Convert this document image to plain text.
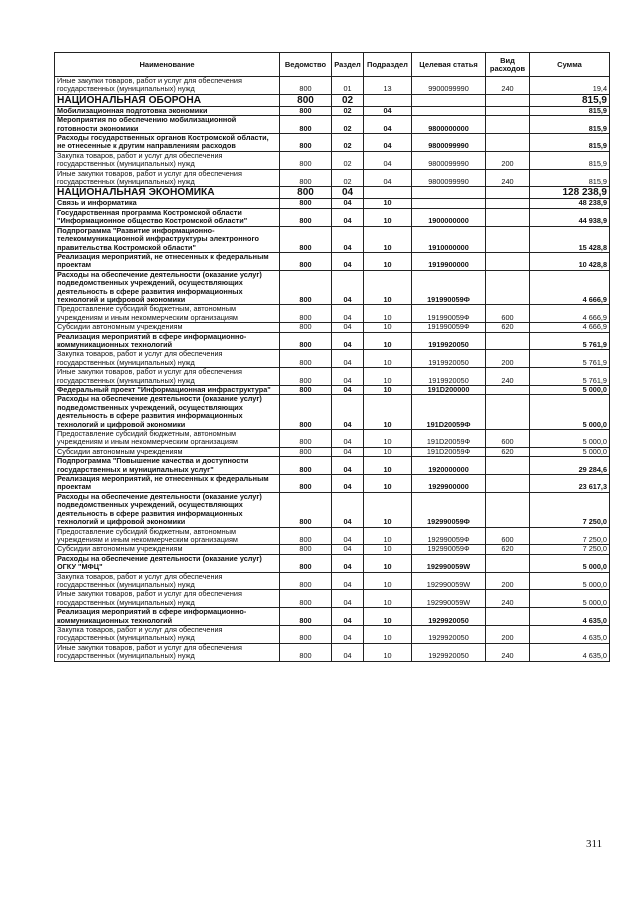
Наименование	Ведомство	Раздел	Подраздел	Целевая статья	Вид расходов	Сумма
Иные закупки товаров, работ и услуг для обеспечения государственных (муниципальных) нужд	800	01	13	9900099990	240	19,4
НАЦИОНАЛЬНАЯ ОБОРОНА	800	02				815,9
Мобилизационная подготовка экономики	800	02	04			815,9
Мероприятия по обеспечению мобилизационной готовности экономики	800	02	04	9800000000		815,9
Расходы государственных органов Костромской области, не отнесенные к другим направлениям расходов	800	02	04	9800099990		815,9
Закупка товаров, работ и услуг для обеспечения государственных (муниципальных) нужд	800	02	04	9800099990	200	815,9
Иные закупки товаров, работ и услуг для обеспечения государственных (муниципальных) нужд	800	02	04	9800099990	240	815,9
НАЦИОНАЛЬНАЯ ЭКОНОМИКА	800	04				128 238,9
Связь и информатика	800	04	10			48 238,9
Государственная программа Костромской области "Информационное общество Костромской области"	800	04	10	1900000000		44 938,9
Подпрограмма "Развитие информационно-телекоммуникационной инфраструктуры электронного правительства Костромской области"	800	04	10	1910000000		15 428,8
Реализация мероприятий, не отнесенных к федеральным проектам	800	04	10	1919900000		10 428,8
Расходы на обеспечение деятельности (оказание услуг) подведомственных учреждений, осуществляющих деятельность в сфере развития информационных технологий и цифровой экономики	800	04	10	191990059Ф		4 666,9
Предоставление субсидий бюджетным, автономным учреждениям и иным некоммерческим организациям	800	04	10	191990059Ф	600	4 666,9
Субсидии автономным учреждениям	800	04	10	191990059Ф	620	4 666,9
Реализация мероприятий в сфере информационно-коммуникационных технологий	800	04	10	1919920050		5 761,9
Закупка товаров, работ и услуг для обеспечения государственных (муниципальных) нужд	800	04	10	1919920050	200	5 761,9
Иные закупки товаров, работ и услуг для обеспечения государственных (муниципальных) нужд	800	04	10	1919920050	240	5 761,9
Федеральный проект "Информационная инфраструктура"	800	04	10	191D200000		5 000,0
Расходы на обеспечение деятельности (оказание услуг) подведомственных учреждений, осуществляющих деятельность в сфере развития информационных технологий и цифровой экономики	800	04	10	191D20059Ф		5 000,0
Предоставление субсидий бюджетным, автономным учреждениям и иным некоммерческим организациям	800	04	10	191D20059Ф	600	5 000,0
Субсидии автономным учреждениям	800	04	10	191D20059Ф	620	5 000,0
Подпрограмма "Повышение качества и доступности государственных и муниципальных услуг"	800	04	10	1920000000		29 284,6
Реализация мероприятий, не отнесенных к федеральным проектам	800	04	10	1929900000		23 617,3
Расходы на обеспечение деятельности (оказание услуг) подведомственных учреждений, осуществляющих деятельность в сфере развития информационных технологий и цифровой экономики	800	04	10	192990059Ф		7 250,0
Предоставление субсидий бюджетным, автономным учреждениям и иным некоммерческим организациям	800	04	10	192990059Ф	600	7 250,0
Субсидии автономным учреждениям	800	04	10	192990059Ф	620	7 250,0
Расходы на обеспечение деятельности (оказание услуг) ОГКУ "МФЦ"	800	04	10	192990059W		5 000,0
Закупка товаров, работ и услуг для обеспечения государственных (муниципальных) нужд	800	04	10	192990059W	200	5 000,0
Иные закупки товаров, работ и услуг для обеспечения государственных (муниципальных) нужд	800	04	10	192990059W	240	5 000,0
Реализация мероприятий в сфере информационно-коммуникационных технологий	800	04	10	1929920050		4 635,0
Закупка товаров, работ и услуг для обеспечения государственных (муниципальных) нужд	800	04	10	1929920050	200	4 635,0
Иные закупки товаров, работ и услуг для обеспечения государственных (муниципальных) нужд	800	04	10	1929920050	240	4 635,0
311
